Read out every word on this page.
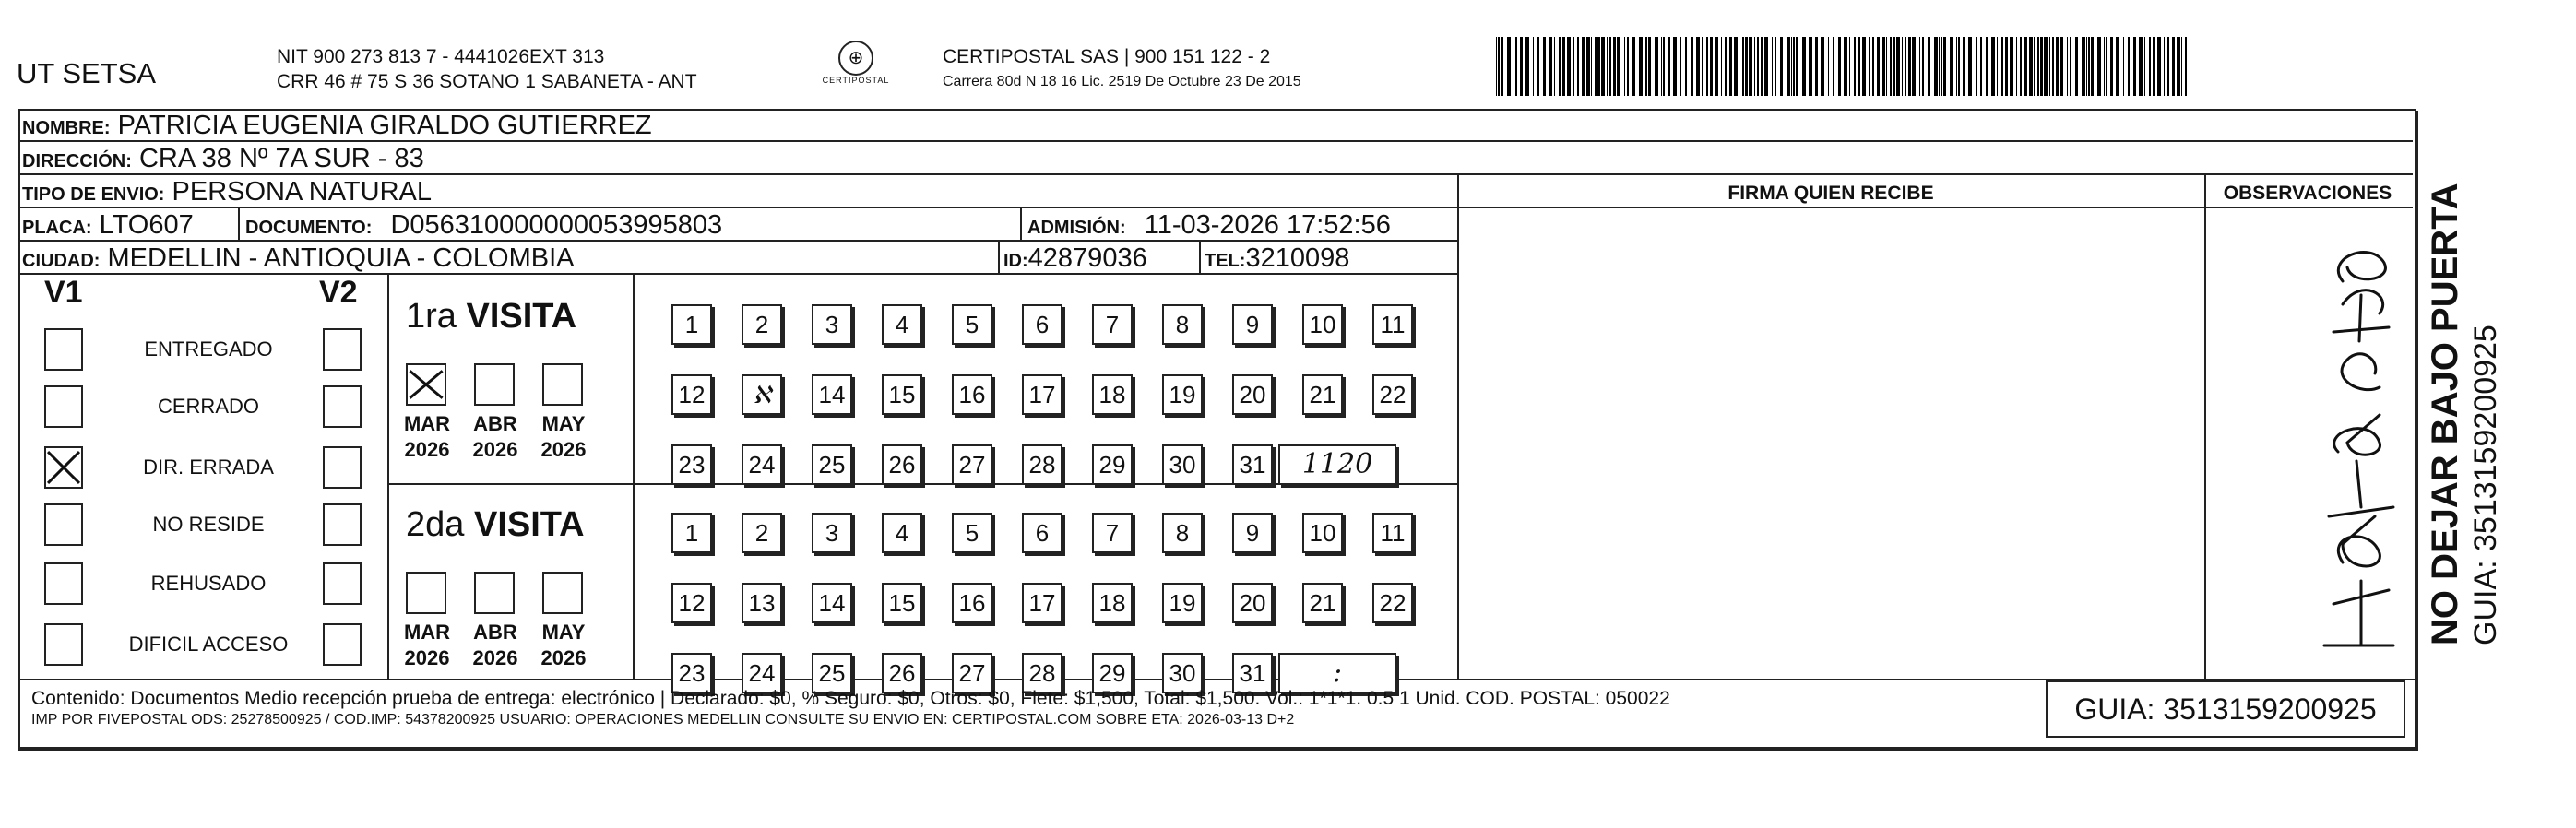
UT SETSA
NIT 900 273 813 7 - 4441026EXT 313
CRR 46 # 75 S 36 SOTANO 1 SABANETA - ANT
⊕
CERTIPOSTAL
CERTIPOSTAL SAS | 900 151 122 - 2
Carrera 80d N 18 16 Lic. 2519 De Octubre 23 De 2015
NOMBRE: PATRICIA EUGENIA GIRALDO GUTIERREZ
DIRECCIÓN: CRA 38 Nº 7A SUR - 83
TIPO DE ENVIO: PERSONA NATURAL	FIRMA QUIEN RECIBE	OBSERVACIONES
PLACA: LTO607	DOCUMENTO: D056310000000053995803	ADMISIÓN: 11-03-2026 17:52:56
CIUDAD: MEDELLIN - ANTIOQUIA - COLOMBIA	ID:42879036	TEL:3210098
V1	V2
ENTREGADO
CERRADO
DIR. ERRADA
NO RESIDE
REHUSADO
DIFICIL ACCESO
1ra VISITA
MAR
2026
ABR
2026
MAY
2026
1	2	3	4	5	6	7	8	9	10	11
12	ℵ	14 15 16 17 18 19 20 21 22
23 24 25 26 27 28 29 30 31	1120
2da VISITA
MAR
2026
ABR
2026
MAY
2026
1	2	3	4	5	6	7	8	9	10	11
12 13 14 15 16 17 18 19 20 21 22
23 24 25 26 27 28 29 30 31	:
Contenido: Documentos Medio recepción prueba de entrega: electrónico | Declarado: $0, % Seguro: $0, Otros: $0, Flete: $1,500, Total: $1,500. Vol.: 1*1*1. 0.5 1 Unid. COD. POSTAL: 050022
IMP POR FIVEPOSTAL ODS: 25278500925 / COD.IMP: 54378200925 USUARIO: OPERACIONES MEDELLIN CONSULTE SU ENVIO EN: CERTIPOSTAL.COM SOBRE ETA: 2026-03-13 D+2	GUIA: 3513159200925
NO DEJAR BAJO PUERTA GUIA: 3513159200925
